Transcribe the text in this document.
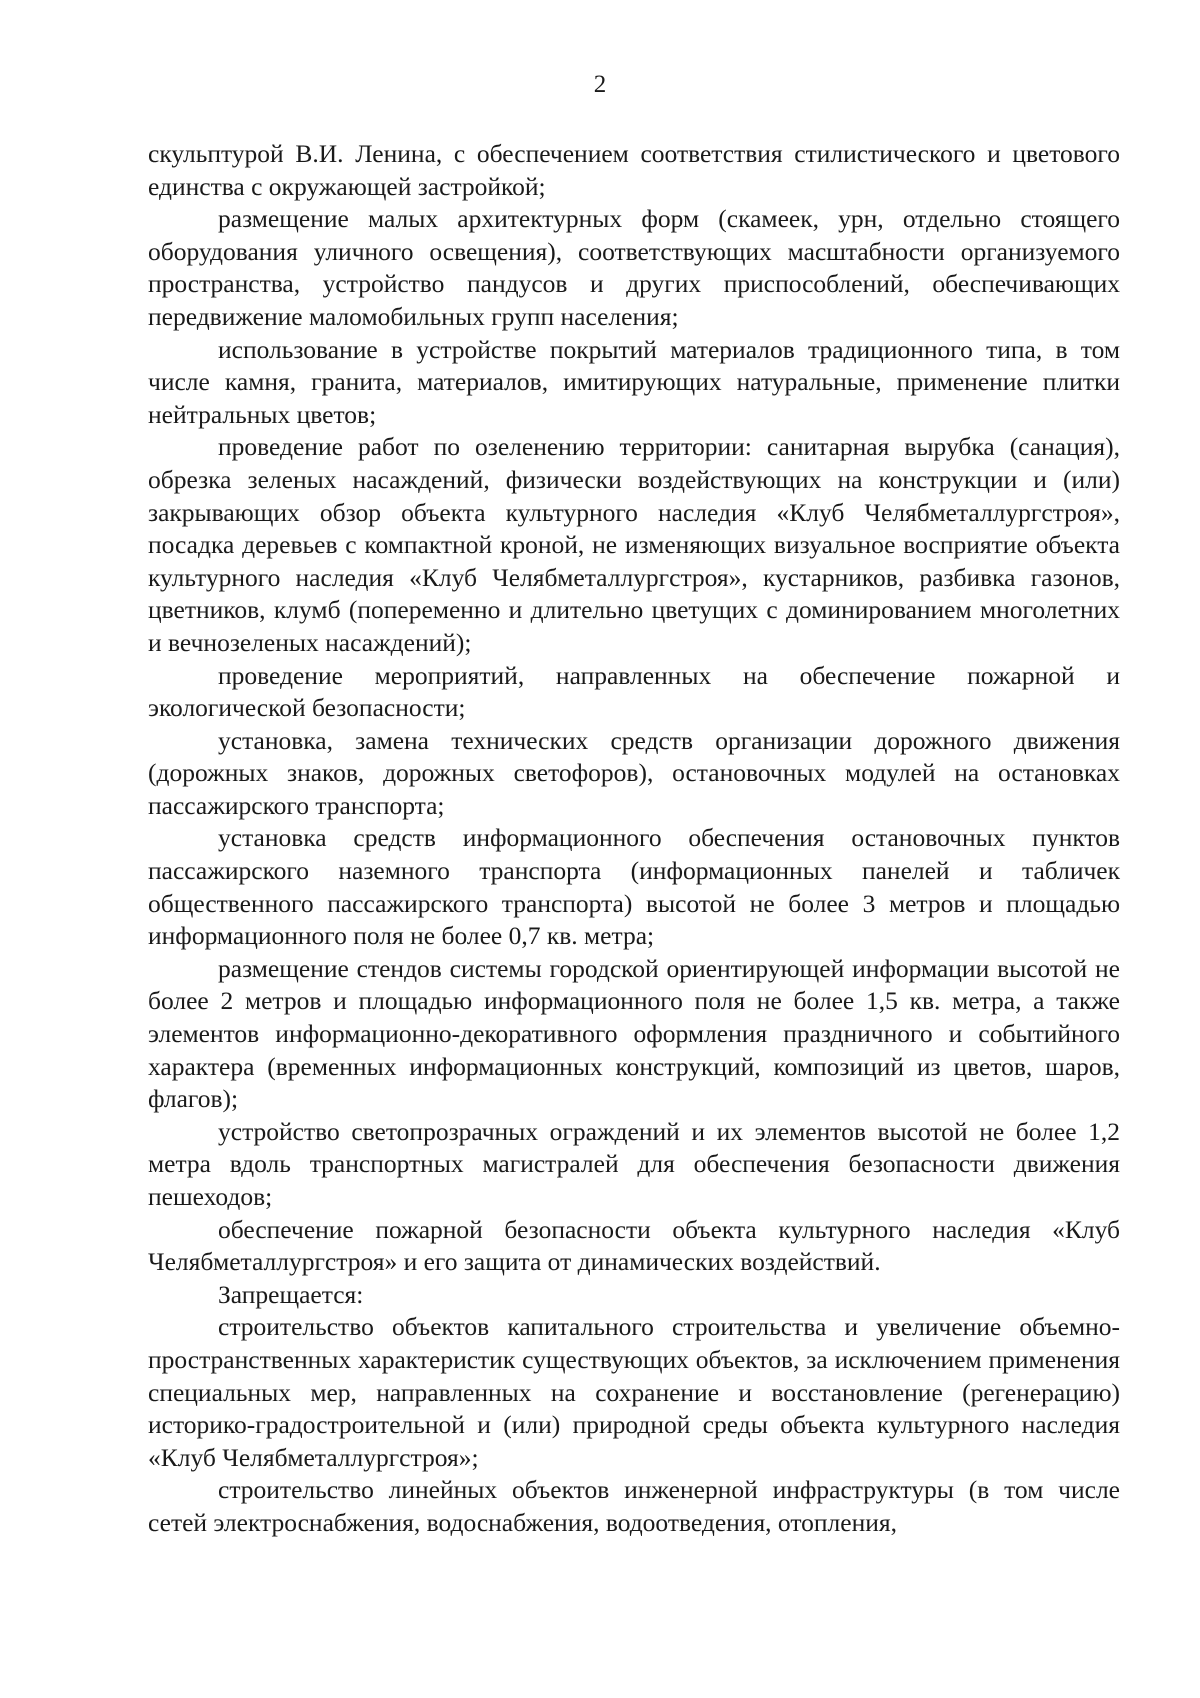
2

скульптурой В.И. Ленина, с обеспечением соответствия стилистического и цветового единства с окружающей застройкой;

размещение малых архитектурных форм (скамеек, урн, отдельно стоящего оборудования уличного освещения), соответствующих масштабности организуемого пространства, устройство пандусов и других приспособлений, обеспечивающих передвижение маломобильных групп населения;

использование в устройстве покрытий материалов традиционного типа, в том числе камня, гранита, материалов, имитирующих натуральные, применение плитки нейтральных цветов;

проведение работ по озеленению территории: санитарная вырубка (санация), обрезка зеленых насаждений, физически воздействующих на конструкции и (или) закрывающих обзор объекта культурного наследия «Клуб Челябметаллургстроя», посадка деревьев с компактной кроной, не изменяющих визуальное восприятие объекта культурного наследия «Клуб Челябметаллургстроя», кустарников, разбивка газонов, цветников, клумб (попеременно и длительно цветущих с доминированием многолетних и вечнозеленых насаждений);

проведение мероприятий, направленных на обеспечение пожарной и экологической безопасности;

установка, замена технических средств организации дорожного движения (дорожных знаков, дорожных светофоров), остановочных модулей на остановках пассажирского транспорта;

установка средств информационного обеспечения остановочных пунктов пассажирского наземного транспорта (информационных панелей и табличек общественного пассажирского транспорта) высотой не более 3 метров и площадью информационного поля не более 0,7 кв. метра;

размещение стендов системы городской ориентирующей информации высотой не более 2 метров и площадью информационного поля не более 1,5 кв. метра, а также элементов информационно-декоративного оформления праздничного и событийного характера (временных информационных конструкций, композиций из цветов, шаров, флагов);

устройство светопрозрачных ограждений и их элементов высотой не более 1,2 метра вдоль транспортных магистралей для обеспечения безопасности движения пешеходов;

обеспечение пожарной безопасности объекта культурного наследия «Клуб Челябметаллургстроя» и его защита от динамических воздействий.

Запрещается:

строительство объектов капитального строительства и увеличение объемно-пространственных характеристик существующих объектов, за исключением применения специальных мер, направленных на сохранение и восстановление (регенерацию) историко-градостроительной и (или) природной среды объекта культурного наследия «Клуб Челябметаллургстроя»;

строительство линейных объектов инженерной инфраструктуры (в том числе сетей электроснабжения, водоснабжения, водоотведения, отопления,
